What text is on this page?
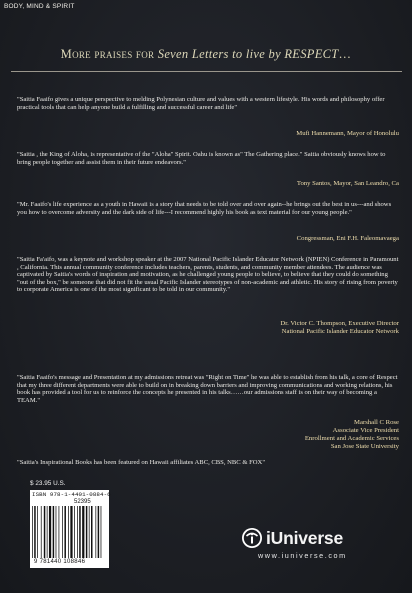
BODY, MIND & SPIRIT
More praises for Seven Letters to live by RESPECT…
"Saitia Faaifo gives a unique perspective to melding Polynesian culture and values with a western lifestyle. His words and philosophy offer practical tools that can help anyone build a fulfilling and successful career and life"
Mufi Hannemann, Mayor of Honolulu
"Saitia , the King of Aloha, is representative of the "Aloha" Spirit. Oahu is known as" The Gathering place." Saitia obviously knows how to bring people together and assist them in their future endeavors."
Tony Santos, Mayor, San Leandro, Ca
"Mr. Faaifo's life experience as a youth in Hawaii is a story that needs to be told over and over again--he brings out the best in us---and shows you how to overcome adversity and the dark side of life---I recommend highly his book as text material for our young people."
Congressman, Eni F.H. Faleomavaega
"Saitia Fa'aifo, was a keynote and workshop speaker at the 2007 National Pacific Islander Educator Network (NPIEN) Conference in Paramount , California. This annual community conference includes teachers, parents, students, and community member attendees. The audience was captivated by Saitia's words of inspiration and motivation, as he challenged young people to believe, to believe that they could do something "out of the box," be someone that did not fit the usual Pacific Islander stereotypes of non-academic and athletic. His story of rising from poverty to corporate America is one of the most significant to be told in our community."
Dr. Victor C. Thompson, Executive Director
National Pacific Islander Educator Network
"Saitia Faaifo's message and Presentation at my admissions retreat was "Right on Time" he was able to establish from his talk, a core of Respect that my three different departments were able to build on in breaking down barriers and improving communications and working relations, his book has provided a tool for us to reinforce the concepts he presented in his talks……our admissions staff is on their way of becoming a TEAM."
Marshall C Rose
Associate Vice President
Enrollment and Academic Services
San Jose State University
"Saitia's Inspirational Books has been featured on Hawaii affiliates ABC, CBS, NBC & FOX"
$ 23.95 U.S.
ISBN 978-1-4401-0884-6
52395
9 781440 108846
iUniverse
www.iuniverse.com
